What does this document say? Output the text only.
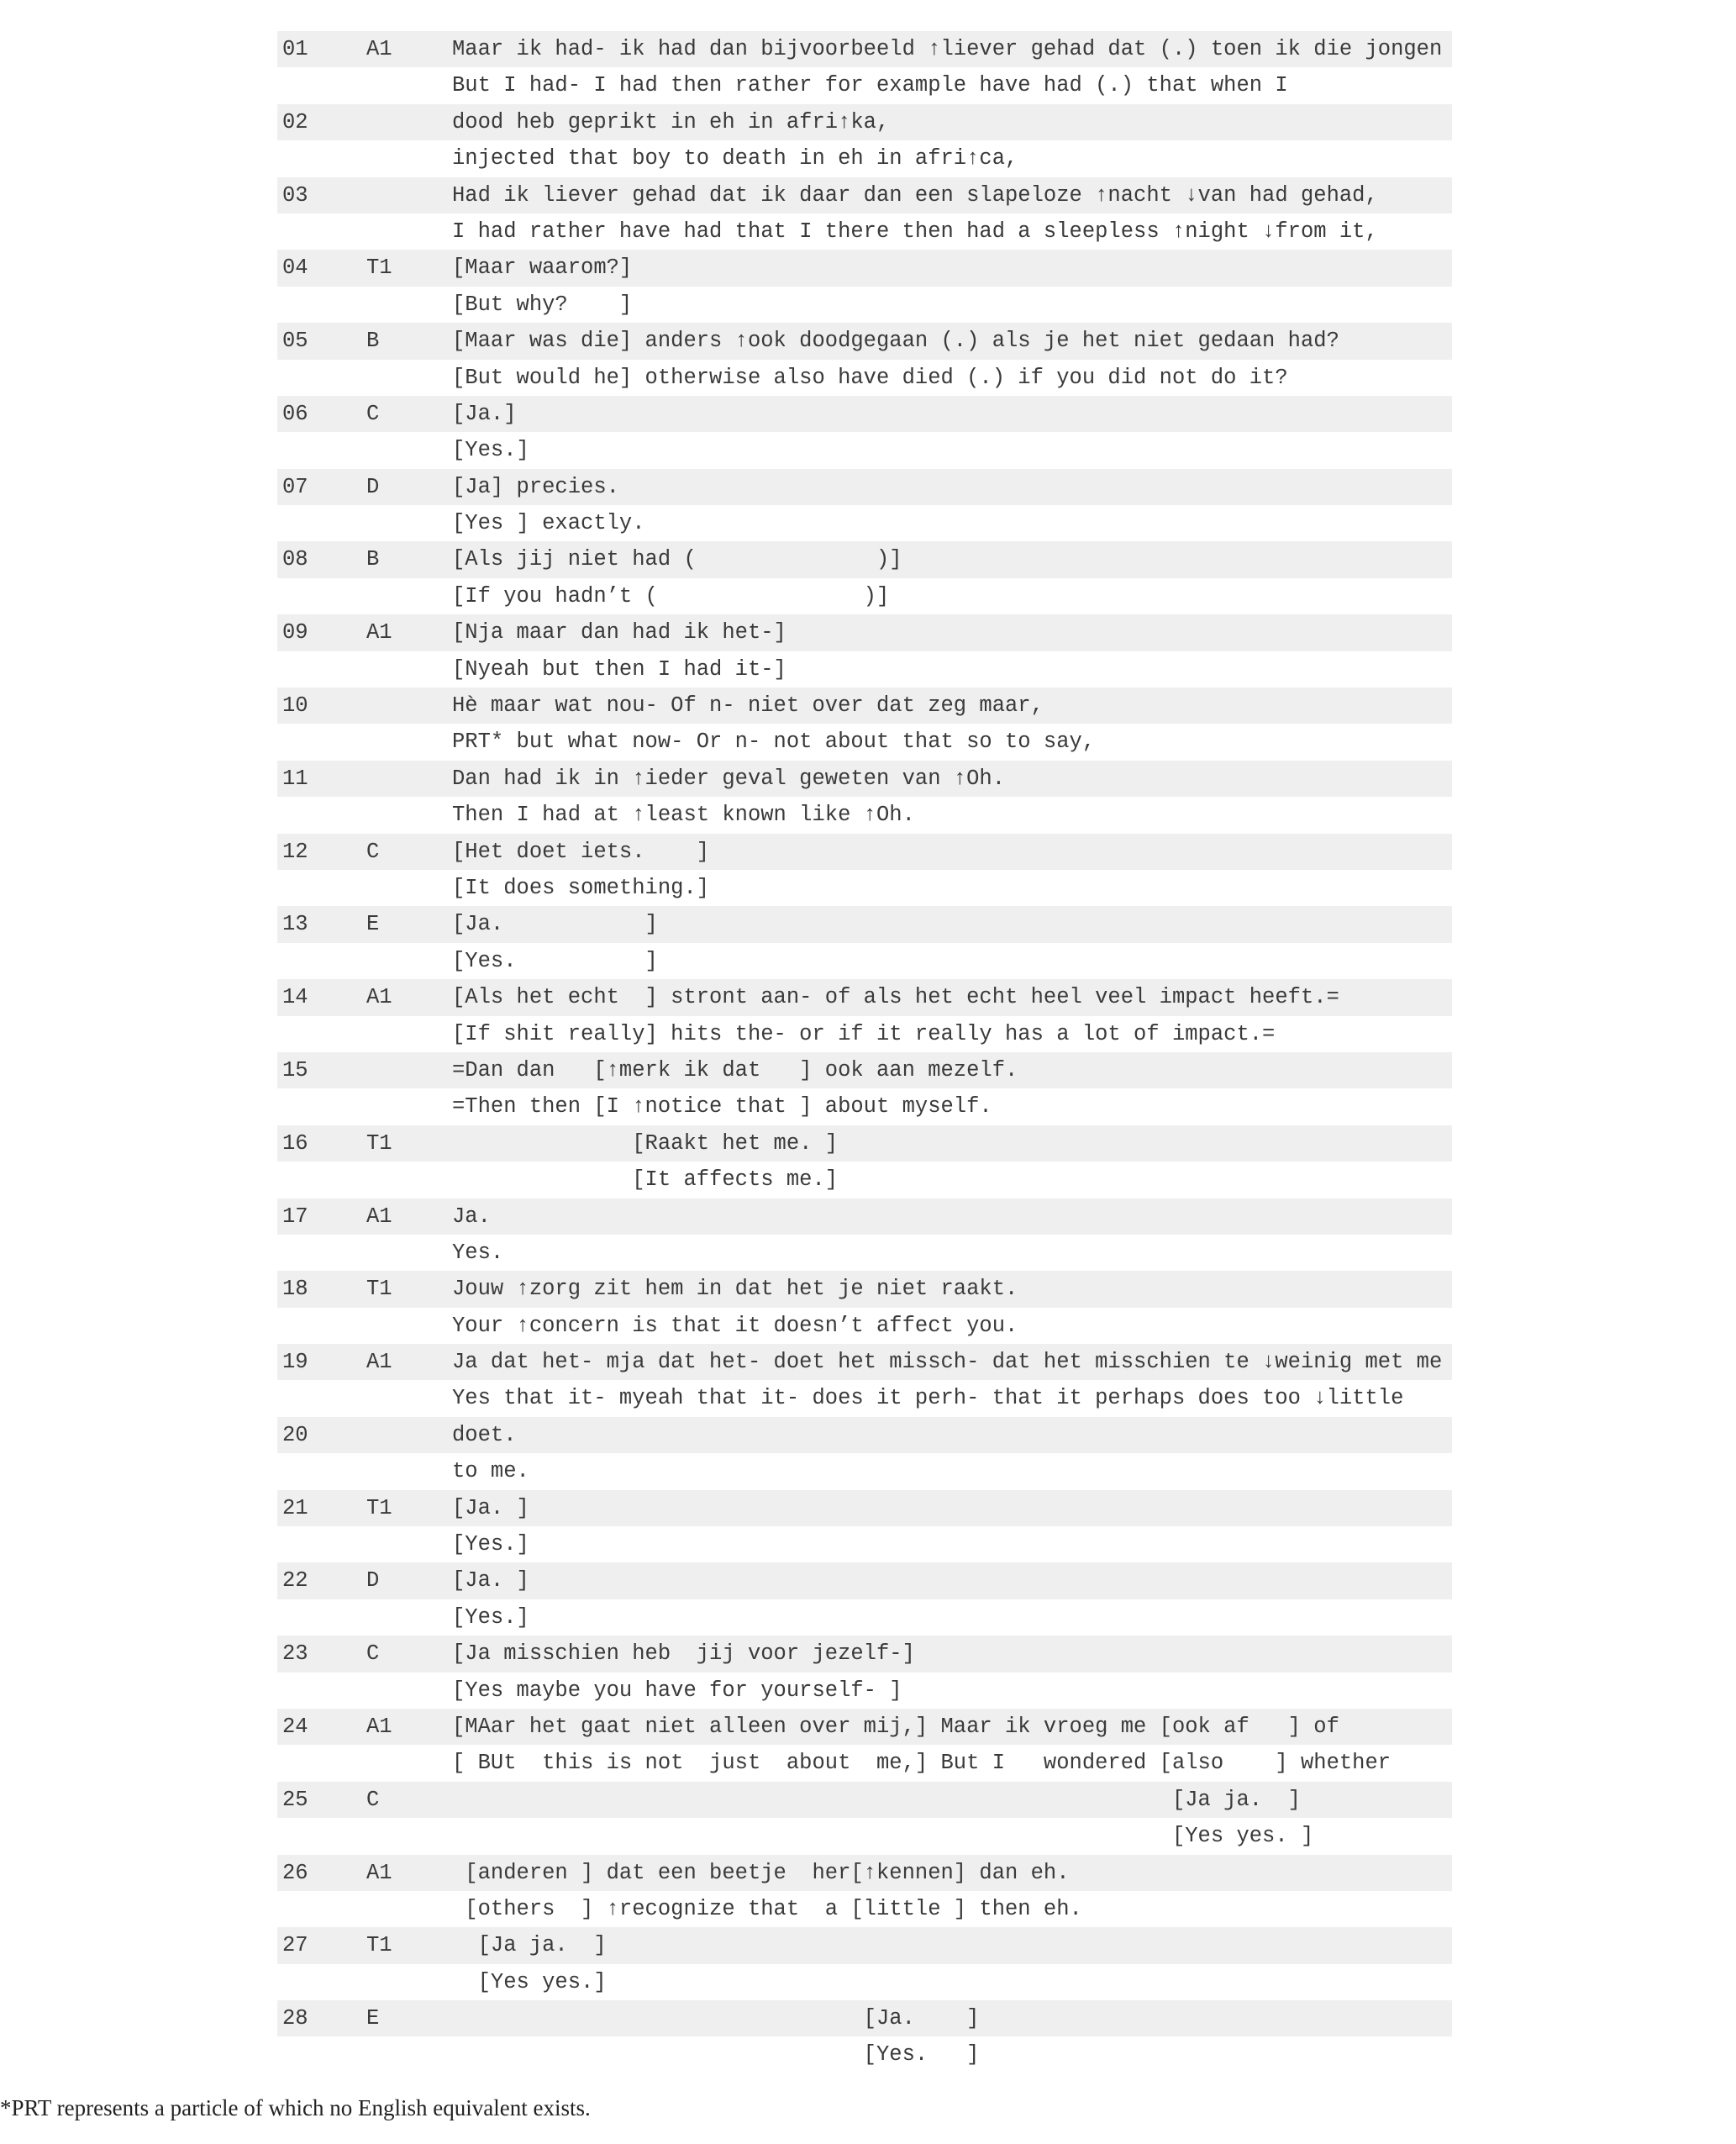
01	A1	Maar ik had- ik had dan bijvoorbeeld ↑liever gehad dat (.) toen ik die jongen
But I had- I had then rather for example have had (.) that when I
02	dood heb geprikt in eh in afri↑ka,
injected that boy to death in eh in afri↑ca,
03	Had ik liever gehad dat ik daar dan een slapeloze ↑nacht ↓van had gehad,
I had rather have had that I there then had a sleepless ↑night ↓from it,
04	T1	[Maar waarom?]
[But why?    ]
05	B	[Maar was die] anders ↑ook doodgegaan (.) als je het niet gedaan had?
[But would he] otherwise also have died (.) if you did not do it?
06	C	[Ja.]
[Yes.]
07	D	[Ja] precies.
[Yes ] exactly.
08	B	[Als jij niet had (              )]
[If you hadn’t (                )]
09	A1	[Nja maar dan had ik het-]
[Nyeah but then I had it-]
10	Hè maar wat nou- Of n- niet over dat zeg maar,
PRT* but what now- Or n- not about that so to say,
11	Dan had ik in ↑ieder geval geweten van ↑Oh.
Then I had at ↑least known like ↑Oh.
12	C	[Het doet iets.    ]
[It does something.]
13	E	[Ja.           ]
[Yes.          ]
14	A1	[Als het echt  ] stront aan- of als het echt heel veel impact heeft.=
[If shit really] hits the- or if it really has a lot of impact.=
15	=Dan dan   [↑merk ik dat   ] ook aan mezelf.
=Then then [I ↑notice that ] about myself.
16	T1	[Raakt het me. ]
[It affects me.]
17	A1	Ja.
Yes.
18	T1	Jouw ↑zorg zit hem in dat het je niet raakt.
Your ↑concern is that it doesn’t affect you.
19	A1	Ja dat het- mja dat het- doet het missch- dat het misschien te ↓weinig met me
Yes that it- myeah that it- does it perh- that it perhaps does too ↓little
20	doet.
to me.
21	T1	[Ja. ]
[Yes.]
22	D	[Ja. ]
[Yes.]
23	C	[Ja misschien heb  jij voor jezelf-]
[Yes maybe you have for yourself- ]
24	A1	[MAar het gaat niet alleen over mij,] Maar ik vroeg me [ook af   ] of
[ BUt  this is not  just  about  me,] But I   wondered [also    ] whether
25	C	[Ja ja.  ]
[Yes yes. ]
26	A1	[anderen ] dat een beetje  her[↑kennen] dan eh.
[others  ] ↑recognize that  a [little ] then eh.
27	T1	[Ja ja.  ]
[Yes yes.]
28	E	[Ja.    ]
[Yes.   ]
*PRT represents a particle of which no English equivalent exists.
